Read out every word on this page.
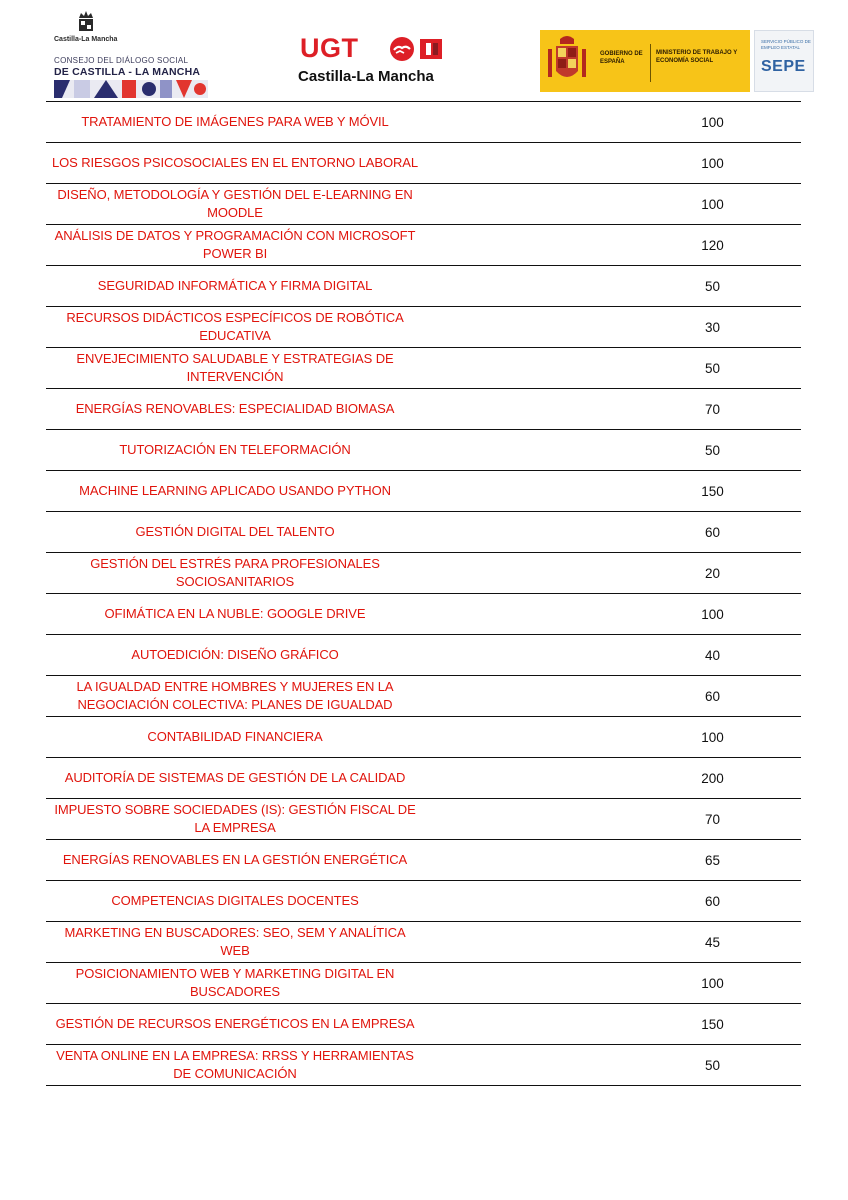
Castilla-La Mancha
CONSEJO DEL DIÁLOGO SOCIAL
DE CASTILLA - LA MANCHA
UGT
Castilla-La Mancha
GOBIERNO DE ESPAÑA
MINISTERIO DE TRABAJO Y ECONOMÍA SOCIAL
SERVICIO PÚBLICO DE EMPLEO ESTATAL
SEPE
TRATAMIENTO DE IMÁGENES PARA WEB Y MÓVIL		100

LOS RIESGOS PSICOSOCIALES EN EL ENTORNO LABORAL		100

DISEÑO, METODOLOGÍA Y GESTIÓN DEL E-LEARNING EN MOODLE		100

ANÁLISIS DE DATOS Y PROGRAMACIÓN CON MICROSOFT POWER BI		120

SEGURIDAD INFORMÁTICA Y FIRMA DIGITAL		50

RECURSOS DIDÁCTICOS ESPECÍFICOS DE ROBÓTICA EDUCATIVA		30

ENVEJECIMIENTO SALUDABLE Y ESTRATEGIAS DE INTERVENCIÓN		50

ENERGÍAS RENOVABLES: ESPECIALIDAD BIOMASA		70

TUTORIZACIÓN EN TELEFORMACIÓN		50

MACHINE LEARNING APLICADO USANDO PYTHON		150

GESTIÓN DIGITAL DEL TALENTO		60

GESTIÓN DEL ESTRÉS PARA PROFESIONALES SOCIOSANITARIOS		20

OFIMÁTICA EN LA NUBLE: GOOGLE DRIVE		100

AUTOEDICIÓN: DISEÑO GRÁFICO		40

LA IGUALDAD ENTRE HOMBRES Y MUJERES EN LA NEGOCIACIÓN COLECTIVA: PLANES DE IGUALDAD		60

CONTABILIDAD FINANCIERA		100

AUDITORÍA DE SISTEMAS DE GESTIÓN DE LA CALIDAD		200

IMPUESTO SOBRE SOCIEDADES (IS): GESTIÓN FISCAL DE LA EMPRESA		70

ENERGÍAS RENOVABLES EN LA GESTIÓN ENERGÉTICA		65

COMPETENCIAS DIGITALES DOCENTES		60

MARKETING EN BUSCADORES: SEO, SEM Y ANALÍTICA WEB		45

POSICIONAMIENTO WEB Y MARKETING DIGITAL EN BUSCADORES		100

GESTIÓN DE RECURSOS ENERGÉTICOS EN LA EMPRESA		150

VENTA ONLINE EN LA EMPRESA: RRSS Y HERRAMIENTAS DE COMUNICACIÓN		50
